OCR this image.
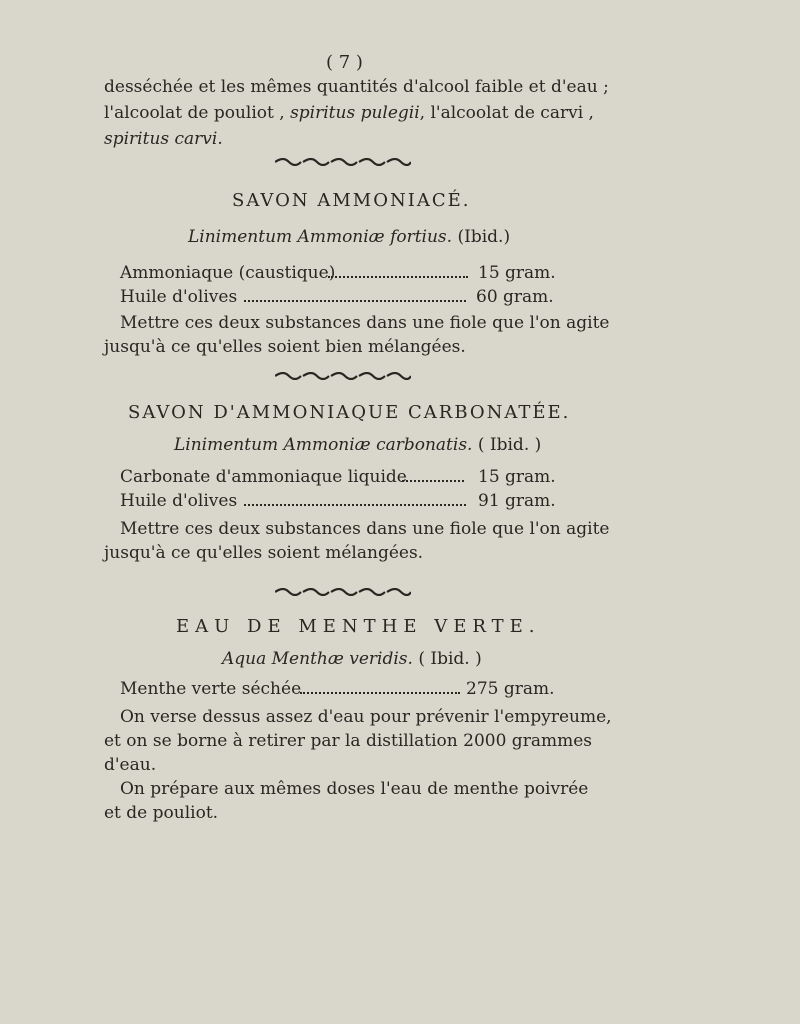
( 7 )
desséchée et les mêmes quantités d'alcool faible et d'eau ;
l'alcoolat de pouliot , spiritus pulegii, l'alcoolat de carvi ,
spiritus carvi.
SAVON AMMONIACÉ.
Linimentum Ammoniæ fortius. (Ibid.)
Ammoniaque (caustique)	15 gram.
Huile d'olives	60 gram.
Mettre ces deux substances dans une fiole que l'on agite
jusqu'à ce qu'elles soient bien mélangées.
SAVON D'AMMONIAQUE CARBONATÉE.
Linimentum Ammoniæ carbonatis. ( Ibid. )
Carbonate d'ammoniaque liquide	15 gram.
Huile d'olives	91 gram.
Mettre ces deux substances dans une fiole que l'on agite
jusqu'à ce qu'elles soient mélangées.
EAU DE MENTHE VERTE.
Aqua Menthæ veridis. ( Ibid. )
Menthe verte séchée	275 gram.
On verse dessus assez d'eau pour prévenir l'empyreume,
et on se borne à retirer par la distillation 2000 grammes
d'eau.
On prépare aux mêmes doses l'eau de menthe poivrée
et de pouliot.
